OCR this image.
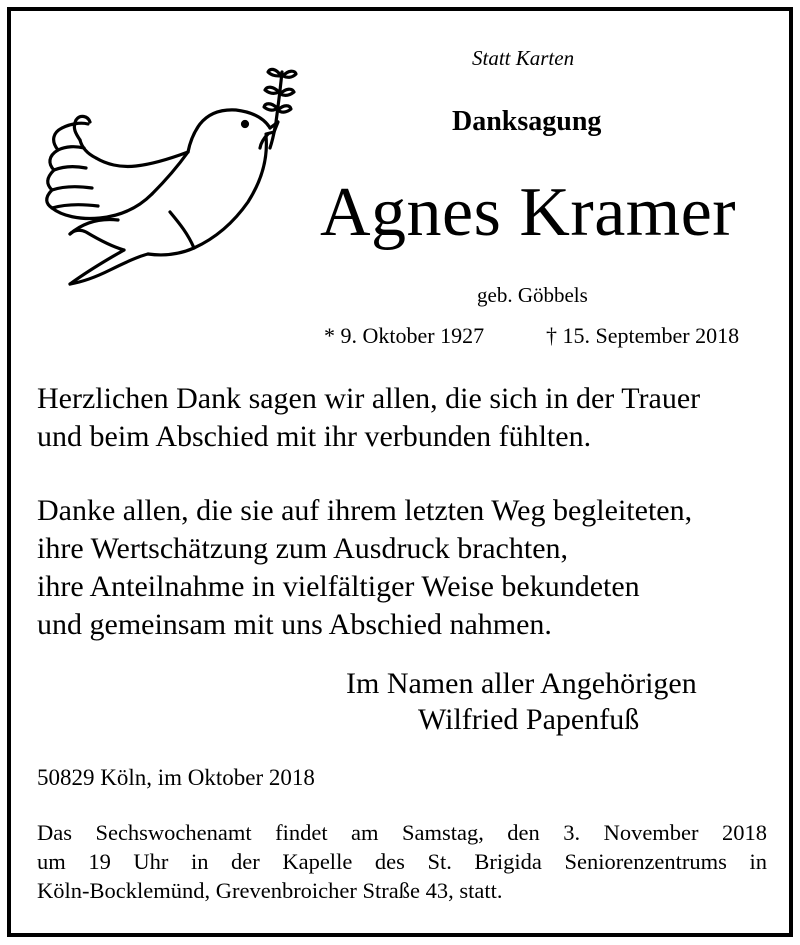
Statt Karten
Danksagung
Agnes Kramer
geb. Göbbels
* 9. Oktober 1927	† 15. September 2018
Herzlichen Dank sagen wir allen, die sich in der Trauer
und beim Abschied mit ihr verbunden fühlten.
Danke allen, die sie auf ihrem letzten Weg begleiteten,
ihre Wertschätzung zum Ausdruck brachten,
ihre Anteilnahme in vielfältiger Weise bekundeten
und gemeinsam mit uns Abschied nahmen.
Im Namen aller Angehörigen
Wilfried Papenfuß
50829 Köln, im Oktober 2018
Das Sechswochenamt findet am Samstag, den 3. November 2018
um 19 Uhr in der Kapelle des St. Brigida Seniorenzentrums in
Köln-Bocklemünd, Grevenbroicher Straße 43, statt.
